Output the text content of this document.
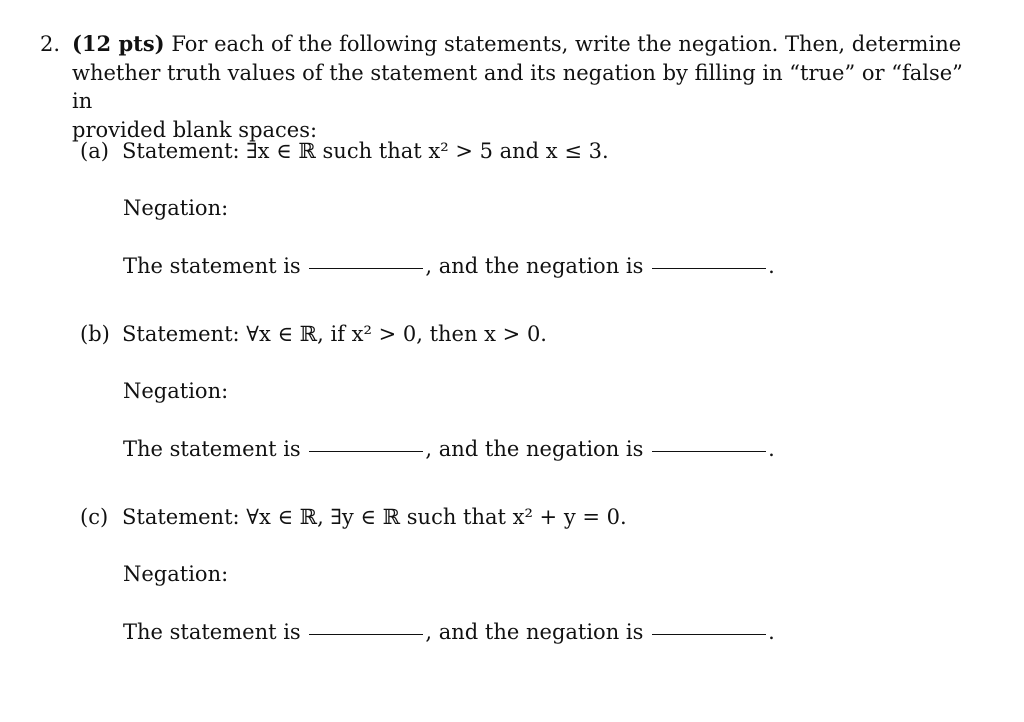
2. (12 pts) For each of the following statements, write the negation. Then, determine
whether truth values of the statement and its negation by filling in “true” or “false” in
provided blank spaces:
(a) Statement: ∃x ∈ ℝ such that x² > 5 and x ≤ 3.
Negation:
The statement is	, and the negation is	.
(b) Statement: ∀x ∈ ℝ, if x² > 0, then x > 0.
Negation:
The statement is	, and the negation is	.
(c) Statement: ∀x ∈ ℝ, ∃y ∈ ℝ such that x² + y = 0.
Negation:
The statement is	, and the negation is	.
